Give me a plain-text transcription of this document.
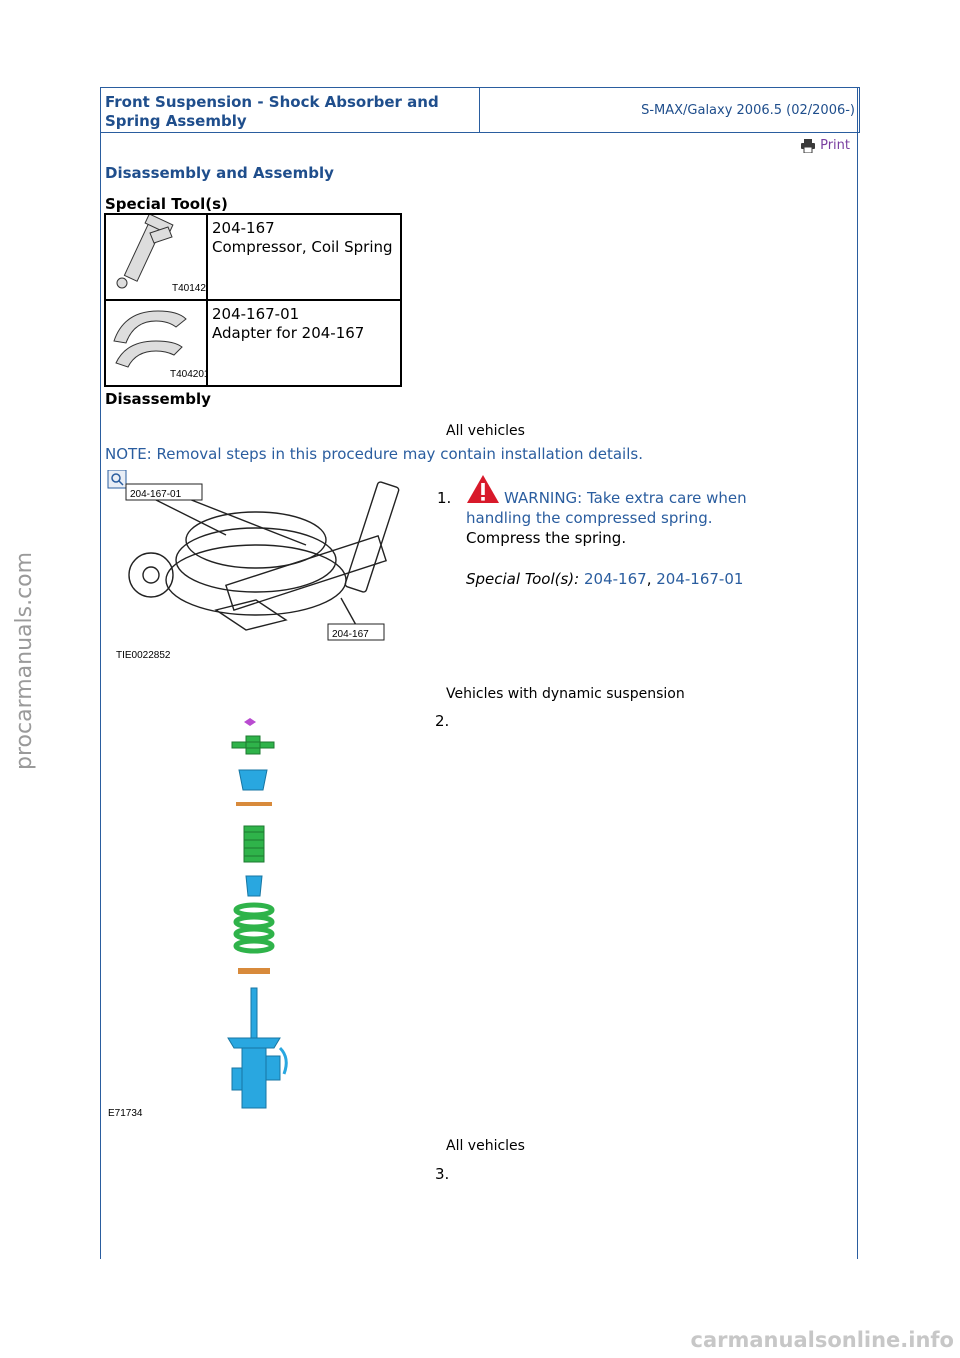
Front Suspension - Shock Absorber and Spring Assembly
S-MAX/Galaxy 2006.5 (02/2006-)
Print
Disassembly and Assembly
Special Tool(s)
T40142	204-167
Compressor, Coil Spring

T404201	204-167-01
Adapter for 204-167
Disassembly
All vehicles
NOTE: Removal steps in this procedure may contain installation details.
204-167-01
204-167
TIE0022852
1.	WARNING: Take extra care when handling the compressed spring.
Compress the spring.
Special Tool(s): 204-167, 204-167-01
Vehicles with dynamic suspension
E71734
2.
All vehicles
3.
procarmanuals.com
carmanualsonline.info
